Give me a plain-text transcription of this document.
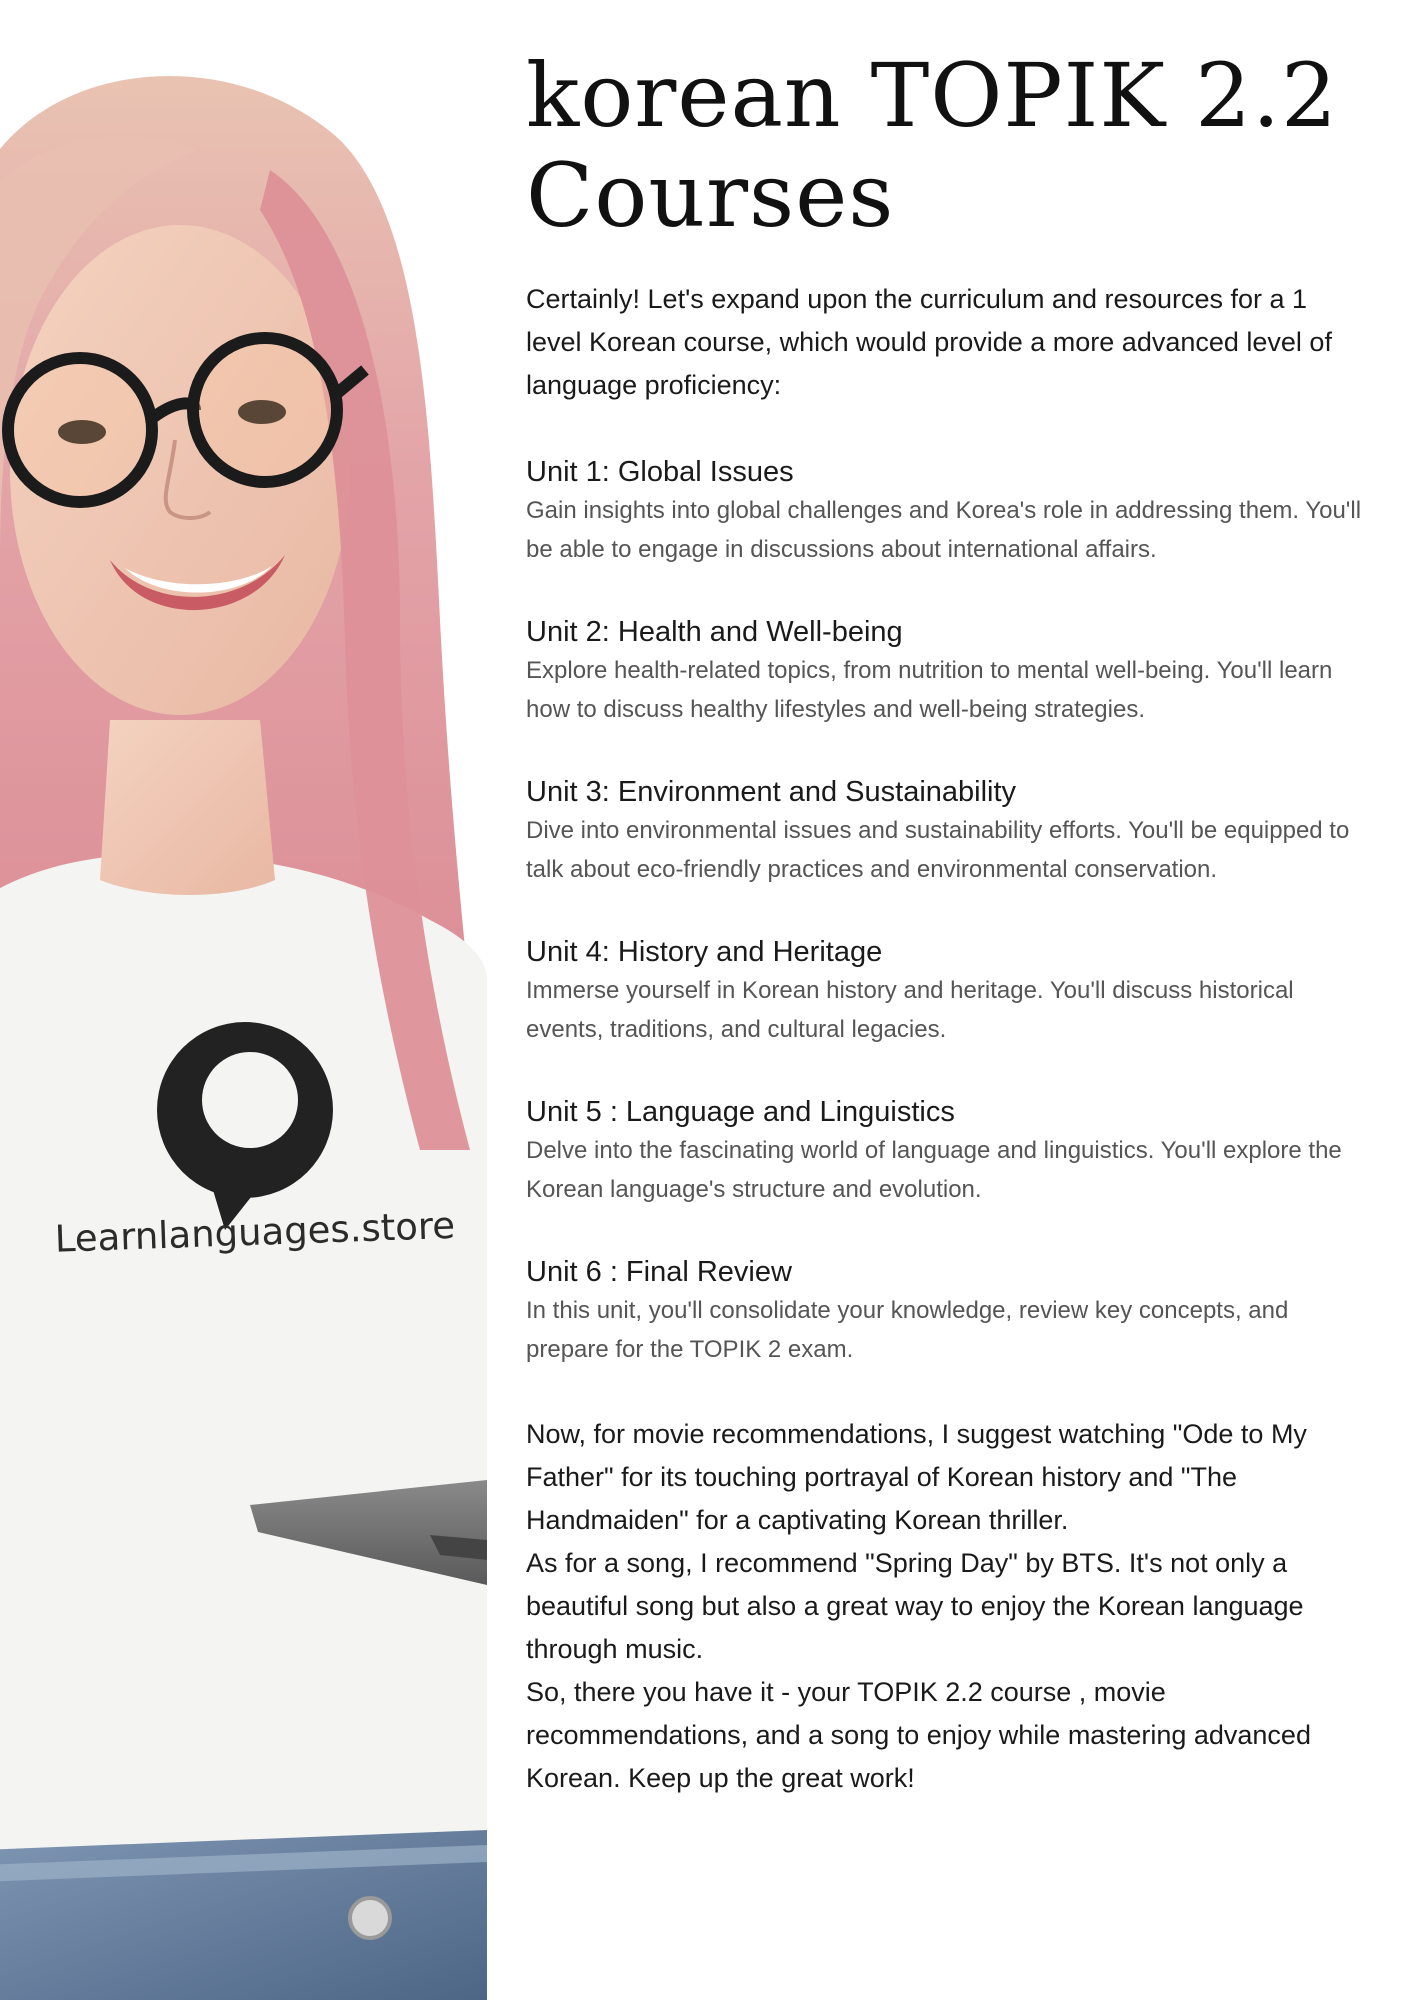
Learnlanguages.store
korean TOPIK 2.2
Courses

Certainly! Let's expand upon the curriculum and resources for a 1 level Korean course, which would provide a more advanced level of language proficiency:

Unit 1: Global Issues

Gain insights into global challenges and Korea's role in addressing them. You'll be able to engage in discussions about international affairs.

Unit 2: Health and Well-being

Explore health-related topics, from nutrition to mental well-being. You'll learn how to discuss healthy lifestyles and well-being strategies.

Unit 3: Environment and Sustainability

Dive into environmental issues and sustainability efforts. You'll be equipped to talk about eco-friendly practices and environmental conservation.

Unit 4: History and Heritage

Immerse yourself in Korean history and heritage. You'll discuss historical events, traditions, and cultural legacies.

Unit 5 : Language and Linguistics

Delve into the fascinating world of language and linguistics. You'll explore the Korean language's structure and evolution.

Unit 6 : Final Review

In this unit, you'll consolidate your knowledge, review key concepts, and prepare for the TOPIK 2 exam.

Now, for movie recommendations, I suggest watching "Ode to My Father" for its touching portrayal of Korean history and "The Handmaiden" for a captivating Korean thriller.

As for a song, I recommend "Spring Day" by BTS. It's not only a beautiful song but also a great way to enjoy the Korean language through music.

So, there you have it - your TOPIK 2.2 course , movie recommendations, and a song to enjoy while mastering advanced Korean. Keep up the great work!
